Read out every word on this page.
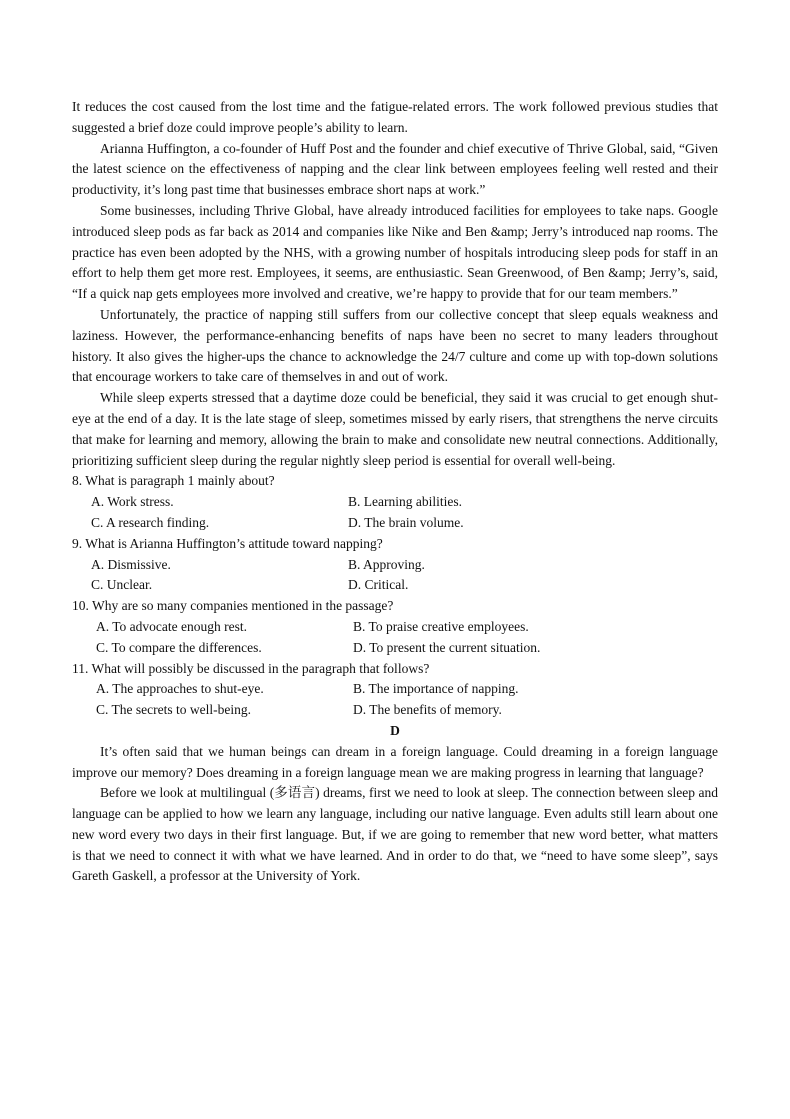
It reduces the cost caused from the lost time and the fatigue-related errors. The work followed previous studies that suggested a brief doze could improve people’s ability to learn.

Arianna Huffington, a co-founder of Huff Post and the founder and chief executive of Thrive Global, said, “Given the latest science on the effectiveness of napping and the clear link between employees feeling well rested and their productivity, it’s long past time that businesses embrace short naps at work.”

Some businesses, including Thrive Global, have already introduced facilities for employees to take naps. Google introduced sleep pods as far back as 2014 and companies like Nike and Ben &amp; Jerry’s introduced nap rooms. The practice has even been adopted by the NHS, with a growing number of hospitals introducing sleep pods for staff in an effort to help them get more rest. Employees, it seems, are enthusiastic. Sean Greenwood, of Ben &amp; Jerry’s, said, “If a quick nap gets employees more involved and creative, we’re happy to provide that for our team members.”

Unfortunately, the practice of napping still suffers from our collective concept that sleep equals weakness and laziness. However, the performance-enhancing benefits of naps have been no secret to many leaders throughout history. It also gives the higher-ups the chance to acknowledge the 24/7 culture and come up with top-down solutions that encourage workers to take care of themselves in and out of work.

While sleep experts stressed that a daytime doze could be beneficial, they said it was crucial to get enough shut-eye at the end of a day. It is the late stage of sleep, sometimes missed by early risers, that strengthens the nerve circuits that make for learning and memory, allowing the brain to make and consolidate new neutral connections. Additionally, prioritizing sufficient sleep during the regular nightly sleep period is essential for overall well-being.

8. What is paragraph 1 mainly about?

A. Work stress.	B. Learning abilities.
C. A research finding.	D. The brain volume.

9. What is Arianna Huffington’s attitude toward napping?

A. Dismissive.	B. Approving.
C. Unclear.	D. Critical.

10. Why are so many companies mentioned in the passage?

A. To advocate enough rest.	B. To praise creative employees.
C. To compare the differences.	D. To present the current situation.

11. What will possibly be discussed in the paragraph that follows?

A. The approaches to shut-eye.	B. The importance of napping.
C. The secrets to well-being.	D. The benefits of memory.

D

It’s often said that we human beings can dream in a foreign language. Could dreaming in a foreign language improve our memory? Does dreaming in a foreign language mean we are making progress in learning that language?

Before we look at multilingual (多语言) dreams, first we need to look at sleep. The connection between sleep and language can be applied to how we learn any language, including our native language. Even adults still learn about one new word every two days in their first language. But, if we are going to remember that new word better, what matters is that we need to connect it with what we have learned. And in order to do that, we “need to have some sleep”, says Gareth Gaskell, a professor at the University of York.
